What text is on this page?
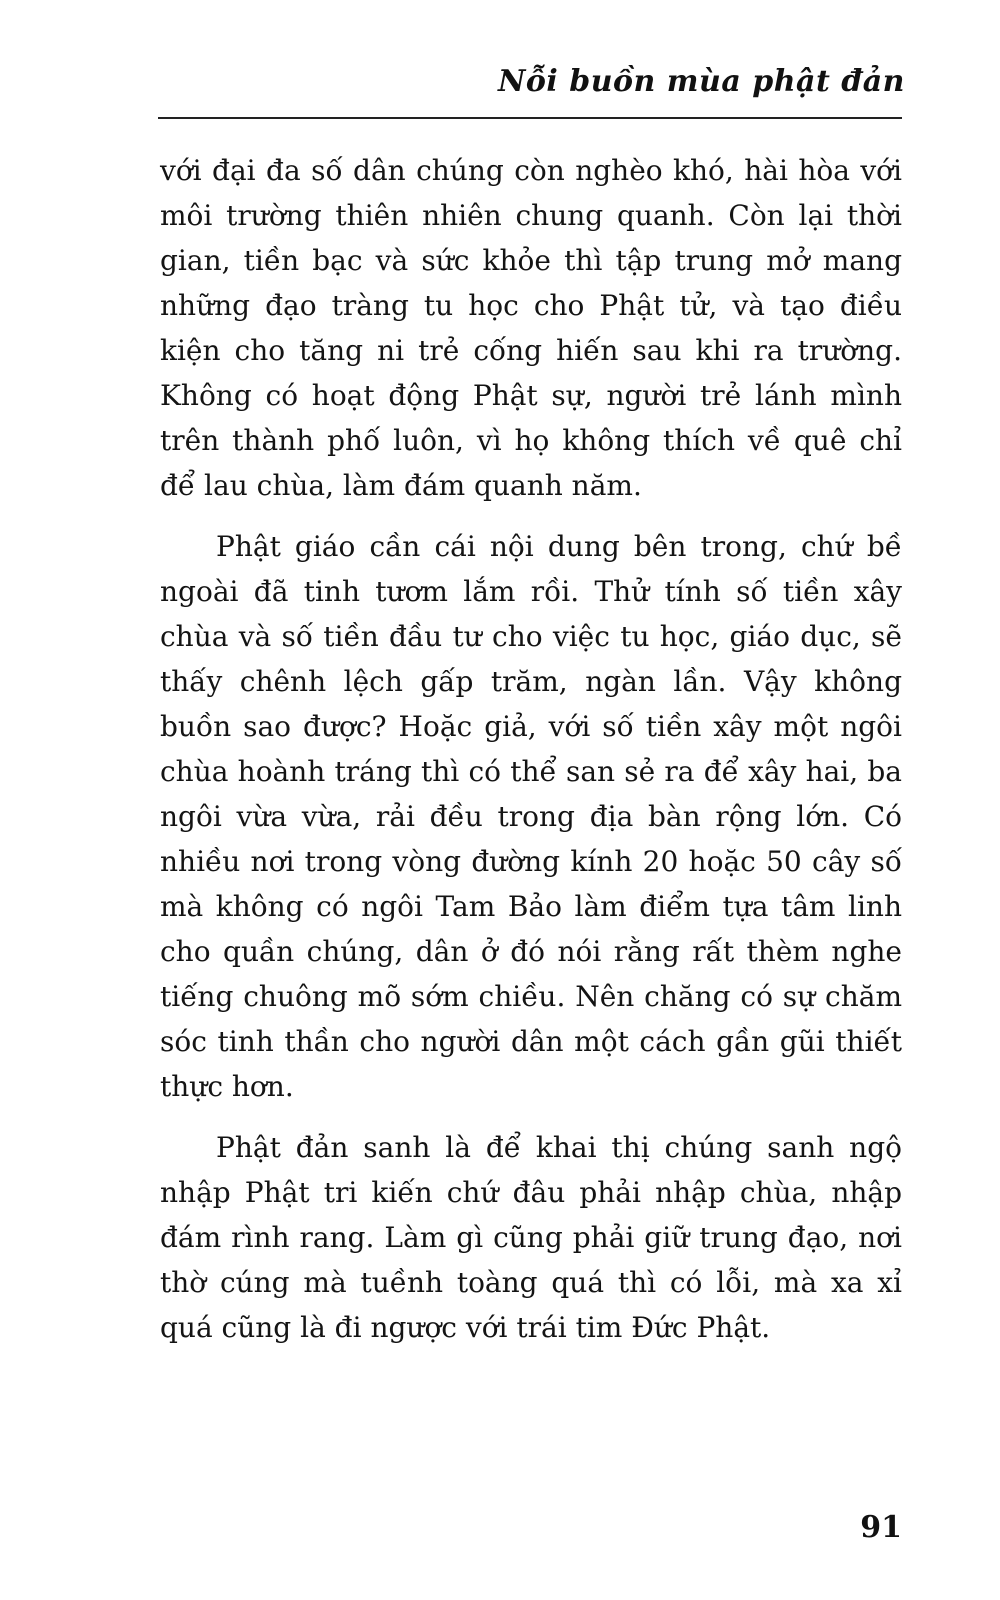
Nỗi buồn mùa phật đản

với đại đa số dân chúng còn nghèo khó, hài hòa với môi trường thiên nhiên chung quanh. Còn lại thời gian, tiền bạc và sức khỏe thì tập trung mở mang những đạo tràng tu học cho Phật tử, và tạo điều kiện cho tăng ni trẻ cống hiến sau khi ra trường. Không có hoạt động Phật sự, người trẻ lánh mình trên thành phố luôn, vì họ không thích về quê chỉ để lau chùa, làm đám quanh năm.

Phật giáo cần cái nội dung bên trong, chứ bề ngoài đã tinh tươm lắm rồi. Thử tính số tiền xây chùa và số tiền đầu tư cho việc tu học, giáo dục, sẽ thấy chênh lệch gấp trăm, ngàn lần. Vậy không buồn sao được? Hoặc giả, với số tiền xây một ngôi chùa hoành tráng thì có thể san sẻ ra để xây hai, ba ngôi vừa vừa, rải đều trong địa bàn rộng lớn. Có nhiều nơi trong vòng đường kính 20 hoặc 50 cây số mà không có ngôi Tam Bảo làm điểm tựa tâm linh cho quần chúng, dân ở đó nói rằng rất thèm nghe tiếng chuông mõ sớm chiều. Nên chăng có sự chăm sóc tinh thần cho người dân một cách gần gũi thiết thực hơn.

Phật đản sanh là để khai thị chúng sanh ngộ nhập Phật tri kiến chứ đâu phải nhập chùa, nhập đám rình rang. Làm gì cũng phải giữ trung đạo, nơi thờ cúng mà tuềnh toàng quá thì có lỗi, mà xa xỉ quá cũng là đi ngược với trái tim Đức Phật.

91
